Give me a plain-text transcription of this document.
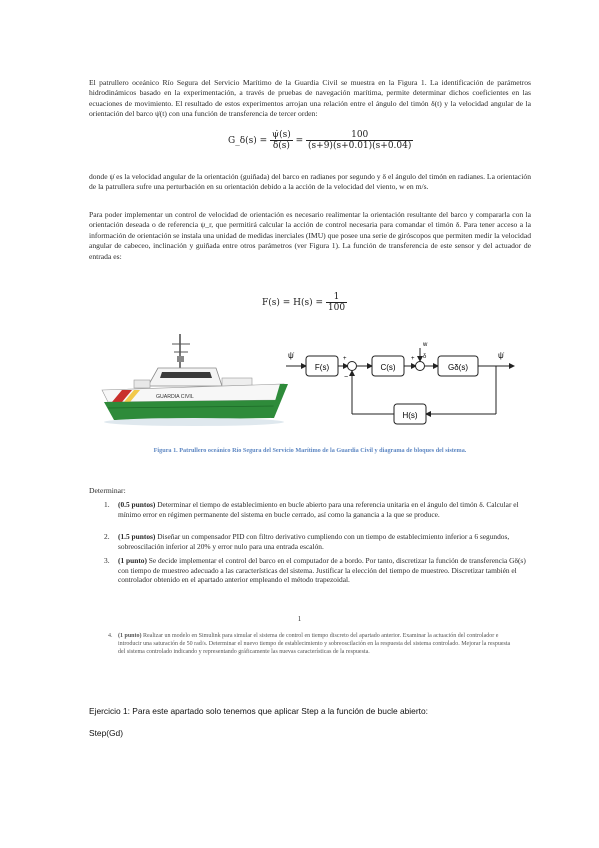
El patrullero oceánico Río Segura del Servicio Marítimo de la Guardia Civil se muestra en la Figura 1. La identificación de parámetros hidrodinámicos basado en la experimentación, a través de pruebas de navegación marítima, permite determinar dichos coeficientes en las ecuaciones de movimiento. El resultado de estos experimentos arrojan una relación entre el ángulo del timón δ(t) y la velocidad angular de la orientación del barco ψ̇(t) con una función de transferencia de tercer orden:
G_δ(s) = $\frac{\psi̇(s)}{\delta(s)} = \frac{100}{(s+9)(s+0.01)(s+0.04)}$
donde ψ̇ es la velocidad angular de la orientación (guiñada) del barco en radianes por segundo y δ el ángulo del timón en radianes. La orientación de la patrullera sufre una perturbación en su orientación debido a la acción de la velocidad del viento, w en m/s.
Para poder implementar un control de velocidad de orientación es necesario realimentar la orientación resultante del barco y compararla con la orientación deseada o de referencia ψ_r, que permitirá calcular la acción de control necesaria para comandar el timón δ. Para tener acceso a la información de orientación se instala una unidad de medidas inerciales (IMU) que posee una serie de giróscopos que permiten medir la velocidad angular de cabeceo, inclinación y guiñada entre otros parámetros (ver Figura 1). La función de transferencia de este sensor y del actuador de entrada es:
$F(s) = H(s) = \frac{1}{100}$
GUARDIA CIVIL
ψ̇
F(s)
+
−
C(s)
+
w
δ
Gδ(s)
ψ̇
H(s)
Figura 1. Patrullero oceánico Río Segura del Servicio Marítimo de la Guardia Civil y diagrama de bloques del sistema.
Determinar:
1. (0.5 puntos) Determinar el tiempo de establecimiento en bucle abierto para una referencia unitaria en el ángulo del timón δ. Calcular el mínimo error en régimen permanente del sistema en bucle cerrado, así como la ganancia a la que se produce.
2. (1.5 puntos) Diseñar un compensador PID con filtro derivativo cumpliendo con un tiempo de establecimiento inferior a 6 segundos, sobreoscilación inferior al 20% y error nulo para una entrada escalón.
3. (1 punto) Se decide implementar el control del barco en el computador de a bordo. Por tanto, discretizar la función de transferencia Gδ(s) con tiempo de muestreo adecuado a las características del sistema. Justificar la elección del tiempo de muestreo. Discretizar también el controlador obtenido en el apartado anterior empleando el método trapezoidal.
1
4. (1 punto) Realizar un modelo en Simulink para simular el sistema de control en tiempo discreto del apartado anterior. Examinar la actuación del controlador e introducir una saturación de 50 rad/s. Determinar el nuevo tiempo de establecimiento y sobreoscilación en la respuesta del sistema controlado. Mejorar la respuesta del sistema controlado indicando y representando gráficamente las nuevas características de la respuesta.
Ejercicio 1: Para este apartado solo tenemos que aplicar Step a la función de bucle abierto:
Step(Gd)
